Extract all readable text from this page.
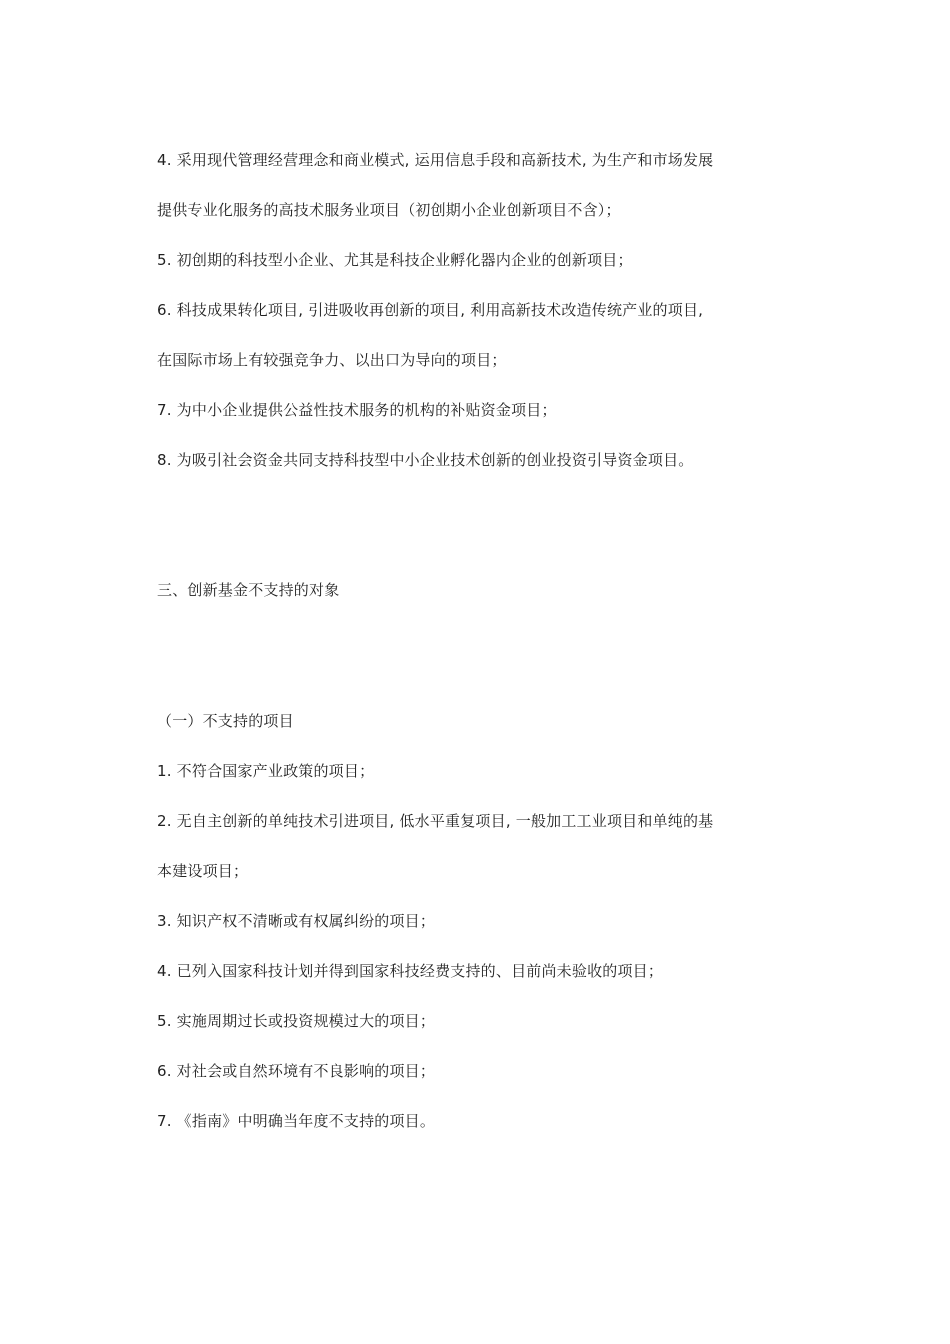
4. 采用现代管理经营理念和商业模式, 运用信息手段和高新技术, 为生产和市场发展
提供专业化服务的高技术服务业项目（初创期小企业创新项目不含）；
5. 初创期的科技型小企业、尤其是科技企业孵化器内企业的创新项目；
6. 科技成果转化项目, 引进吸收再创新的项目, 利用高新技术改造传统产业的项目,
在国际市场上有较强竞争力、以出口为导向的项目；
7. 为中小企业提供公益性技术服务的机构的补贴资金项目；
8. 为吸引社会资金共同支持科技型中小企业技术创新的创业投资引导资金项目。
三、创新基金不支持的对象
（一）不支持的项目
1. 不符合国家产业政策的项目；
2. 无自主创新的单纯技术引进项目, 低水平重复项目, 一般加工工业项目和单纯的基
本建设项目；
3. 知识产权不清晰或有权属纠纷的项目；
4. 已列入国家科技计划并得到国家科技经费支持的、目前尚未验收的项目；
5. 实施周期过长或投资规模过大的项目；
6. 对社会或自然环境有不良影响的项目；
7. 《指南》中明确当年度不支持的项目。
